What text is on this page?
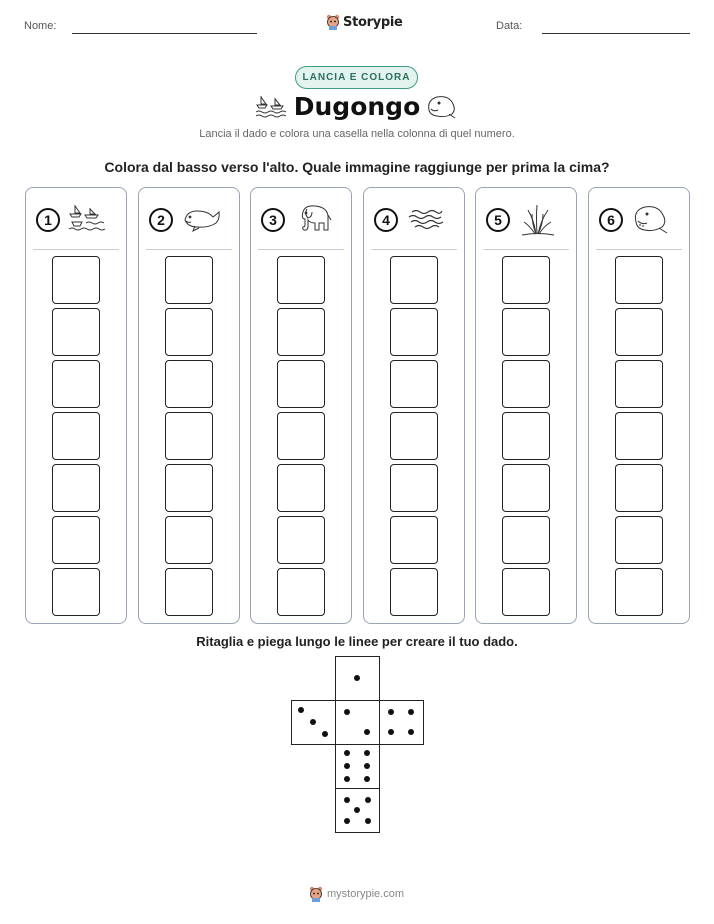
Nome:	Storypie	Data:
LANCIA E COLORA
Dugongo
Lancia il dado e colora una casella nella colonna di quel numero.
Colora dal basso verso l'alto. Quale immagine raggiunge per prima la cima?
1	2	3	4	5	6
Ritaglia e piega lungo le linee per creare il tuo dado.
mystorypie.com
